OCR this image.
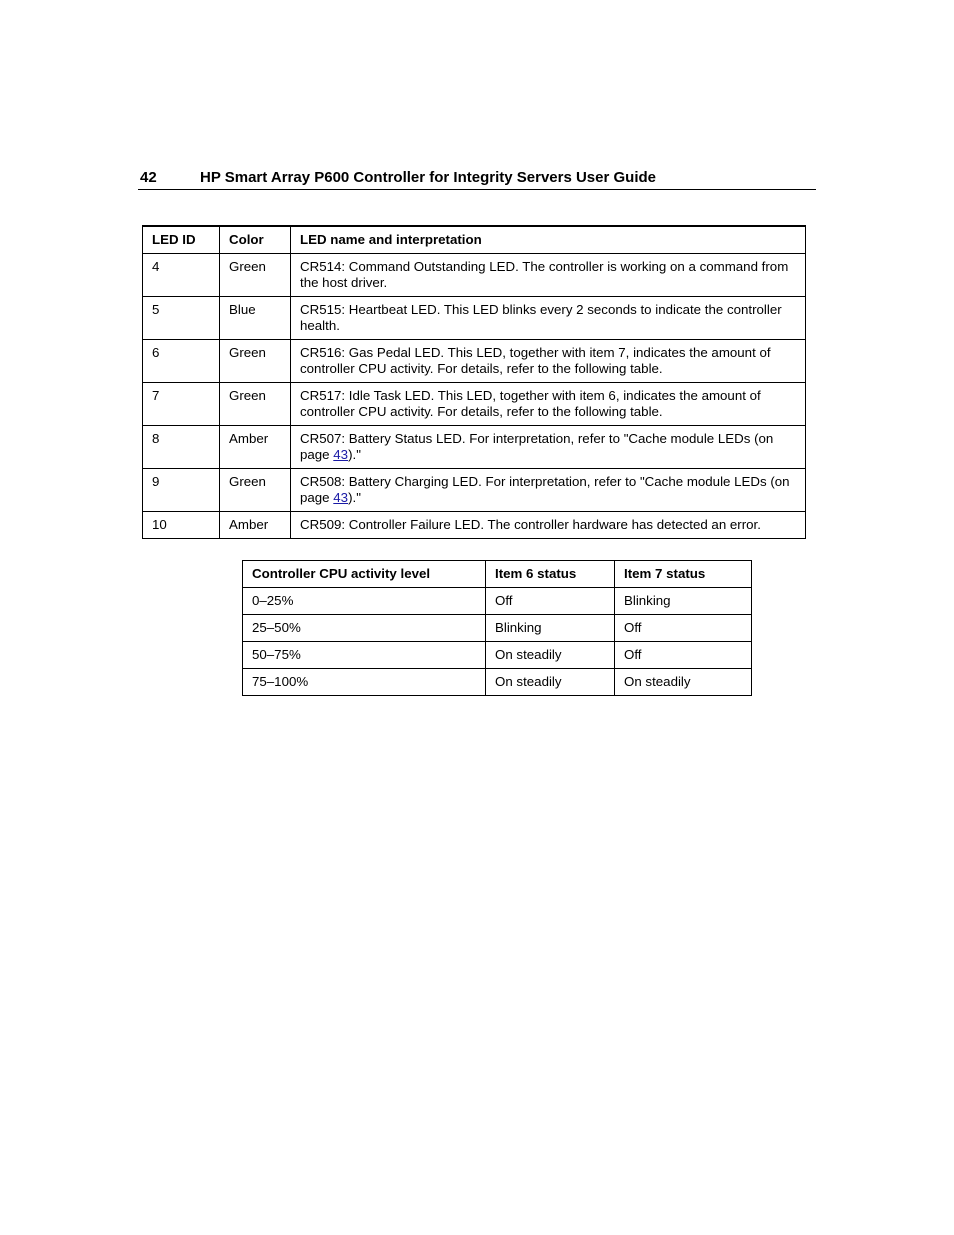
42	HP Smart Array P600 Controller for Integrity Servers User Guide
LED ID	Color	LED name and interpretation
4	Green	CR514: Command Outstanding LED. The controller is working on a command from the host driver.
5	Blue	CR515: Heartbeat LED. This LED blinks every 2 seconds to indicate the controller health.
6	Green	CR516: Gas Pedal LED. This LED, together with item 7, indicates the amount of controller CPU activity. For details, refer to the following table.
7	Green	CR517: Idle Task LED. This LED, together with item 6, indicates the amount of controller CPU activity. For details, refer to the following table.
8	Amber	CR507: Battery Status LED. For interpretation, refer to "Cache module LEDs (on page 43)."
9	Green	CR508: Battery Charging LED. For interpretation, refer to "Cache module LEDs (on page 43)."
10	Amber	CR509: Controller Failure LED. The controller hardware has detected an error.
Controller CPU activity level	Item 6 status	Item 7 status
0–25%	Off	Blinking
25–50%	Blinking	Off
50–75%	On steadily	Off
75–100%	On steadily	On steadily
